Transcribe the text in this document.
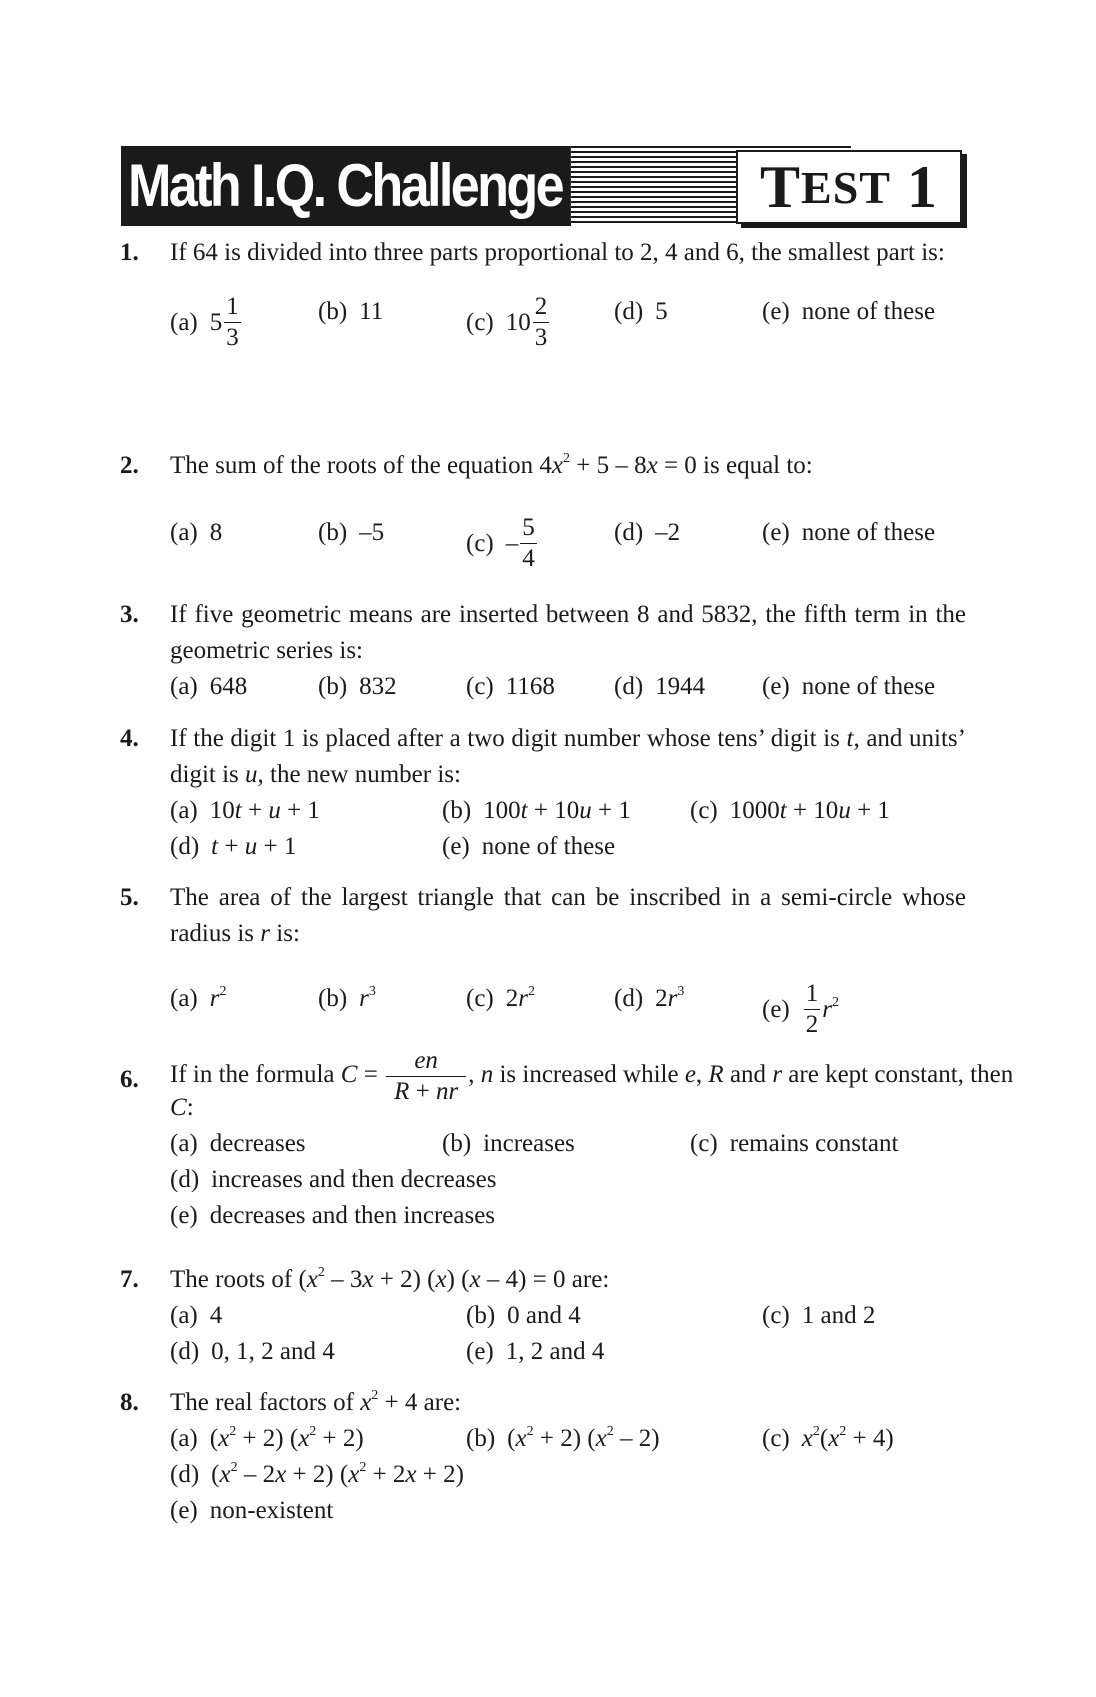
Math I.Q. Challenge	T EST
1
1. If 64 is divided into three parts proportional to 2, 4 and 6, the smallest part is:
(a) $5 \frac{1}{3}$	(b) 11	(c) $10 \frac{2}{3}$	(d) 5	(e) none of these
2. The sum of the roots of the equation $4x^2 + 5 - 8x = 0$ is equal to:
(a) 8	(b) –5	$(c) - \frac{5}{4}$	(d) –2	(e) none of these
3. If five geometric means are inserted between 8 and 5832, the fifth term in the geometric series is:
(a) 648	(b) 832	(c) 1168 (d) 1944 (e) none of these
4. If the digit 1 is placed after a two digit number whose tens’ digit is t, and units’ digit is u, the new number is:
(a) 10t + u + 1	(b) 100t + 10u + 1 (c) 1000t + 10u + 1
(d) t + u + 1	(e) none of these
5. The area of the largest triangle that can be inscribed in a semi-circle whose radius is r is:
(a) $r^2$	(b) $r^3$	(c) $2r^2$	(d) $2r^3$
$(e) \frac{1}{2} r^2$
6. If in the formula $C = \frac{en}{R + nr}$ , n is increased while e, R and r are kept constant, then
C:
(a) decreases	(b) increases	(c) remains constant
(d) increases and then decreases
(e) decreases and then increases
7. The roots of $(x^2 - 3x + 2)$ (x) (x – 4) = 0 are:
(a) 4	(b) 0 and 4	(c) 1 and 2
(d) 0, 1, 2 and 4	(e) 1, 2 and 4
8. The real factors of $x^2 + 4$ are:
(a) $(x^2 + 2) (x^2 + 2)$	(b) $(x^2 + 2)$ $(x^2 - 2)$	(c) $x^2(x^2 + 4)$
(d) $(x^2 - 2x + 2) (x^2 + 2x + 2)$
(e) non-existent
